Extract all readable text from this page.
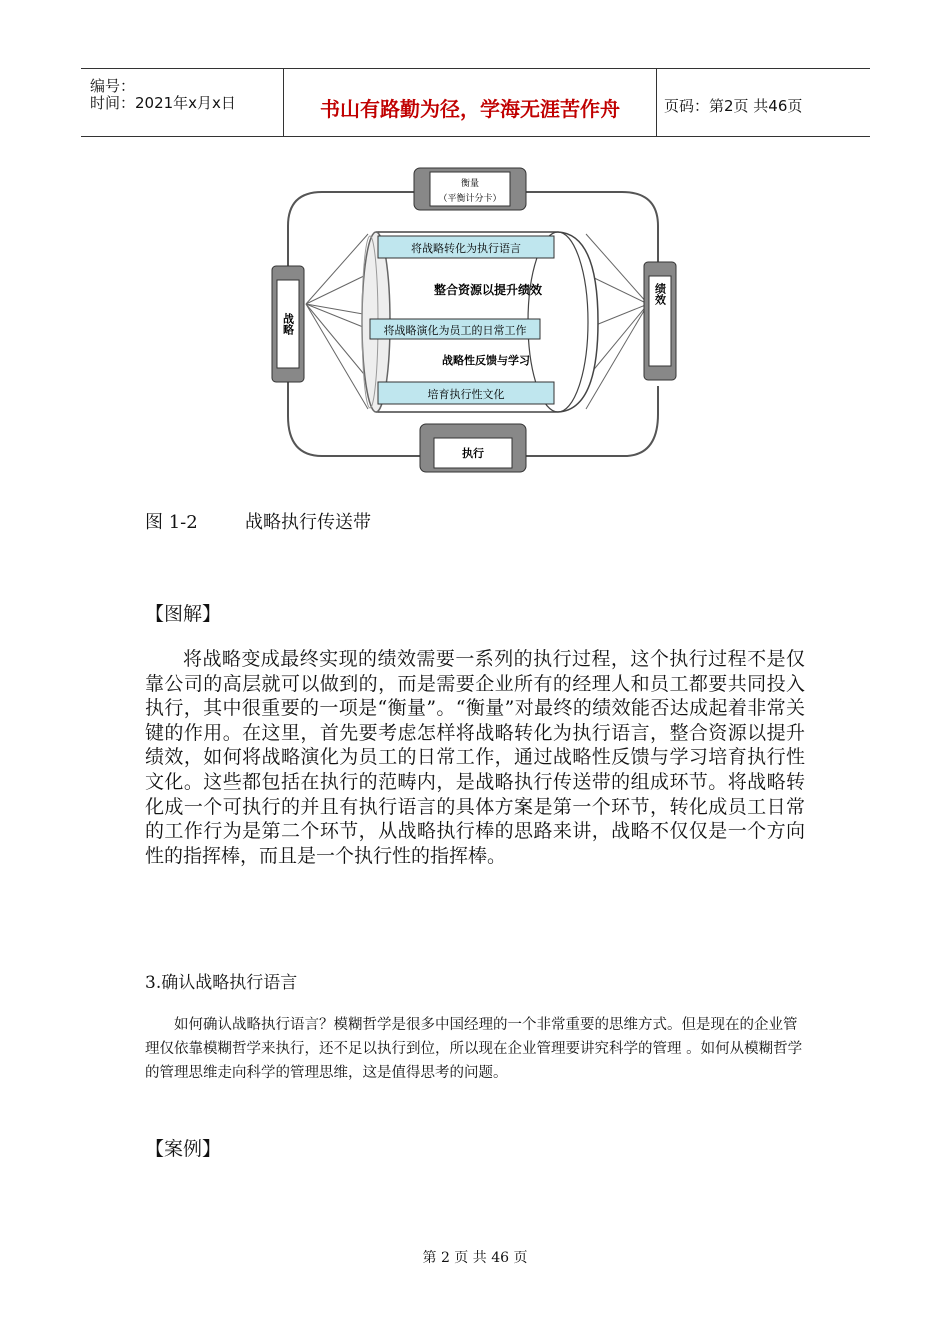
编号：
时间：2021年x月x日	书山有路勤为径，学海无涯苦作舟	页码：第2页 共46页
将战略转化为执行语言
整合资源以提升绩效
将战略演化为员工的日常工作
战略性反馈与学习
培育执行性文化
衡量
（平衡计分卡）
执行
战略
绩效
图 1-2	战略执行传送带
【图解】

将战略变成最终实现的绩效需要一系列的执行过程，这个执行过程不是仅靠公司的高层就可以做到的，而是需要企业所有的经理人和员工都要共同投入执行，其中很重要的一项是“衡量”。“衡量”对最终的绩效能否达成起着非常关键的作用。在这里，首先要考虑怎样将战略转化为执行语言，整合资源以提升绩效，如何将战略演化为员工的日常工作，通过战略性反馈与学习培育执行性文化。这些都包括在执行的范畴内，是战略执行传送带的组成环节。将战略转化成一个可执行的并且有执行语言的具体方案是第一个环节，转化成员工日常的工作行为是第二个环节，从战略执行棒的思路来讲，战略不仅仅是一个方向性的指挥棒，而且是一个执行性的指挥棒。

3.确认战略执行语言

如何确认战略执行语言？模糊哲学是很多中国经理的一个非常重要的思维方式。但是现在的企业管理仅依靠模糊哲学来执行，还不足以执行到位，所以现在企业管理要讲究科学的管理 。如何从模糊哲学的管理思维走向科学的管理思维，这是值得思考的问题。

【案例】
第 2 页 共 46 页
